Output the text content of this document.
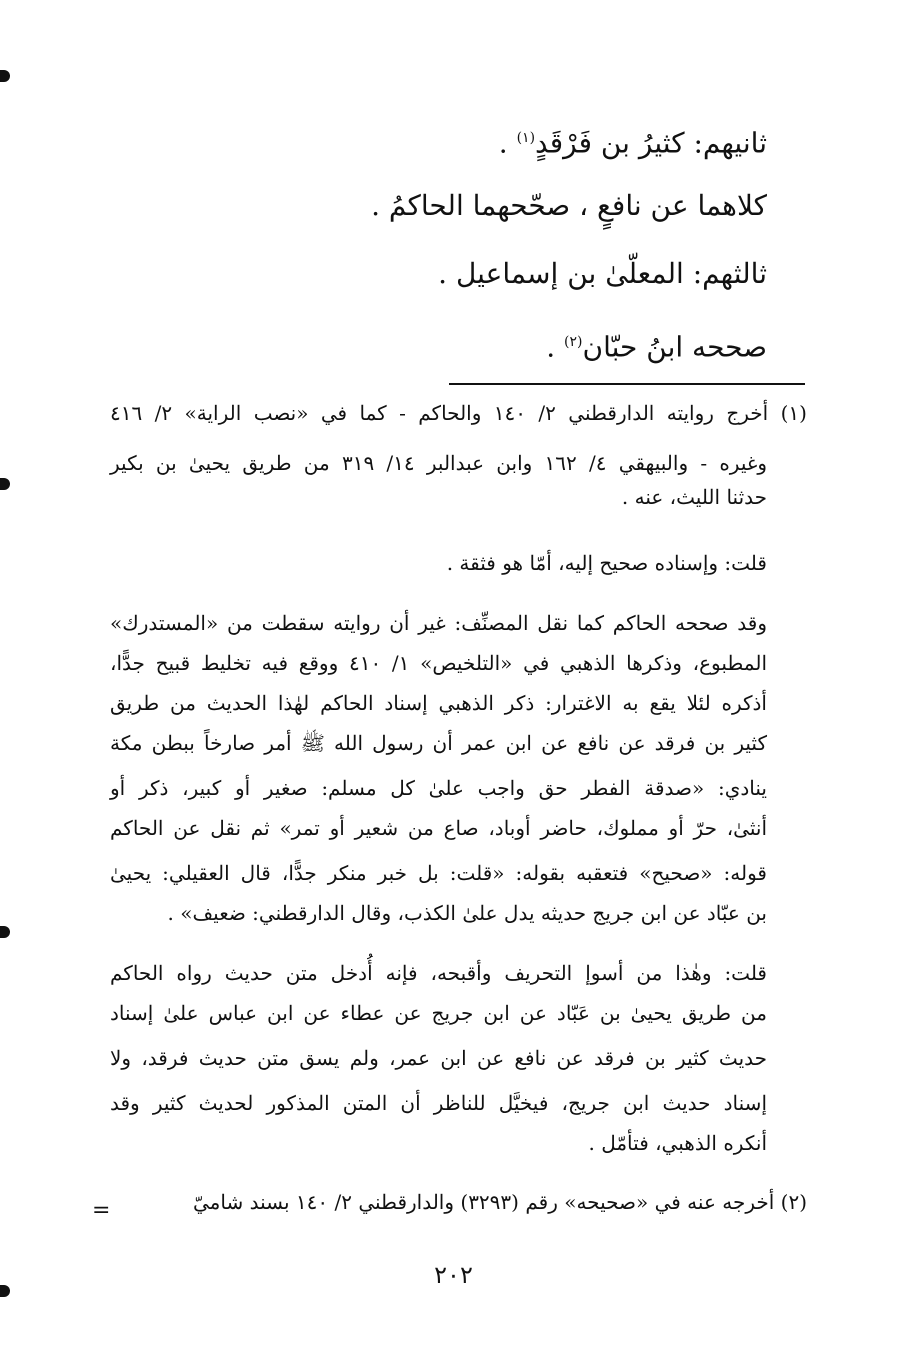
ثانيهم: كثيرُ بن فَرْقَدٍ$^{(١)}$ .
كلاهما عن نافعٍ ، صحّحهما الحاكمُ .
ثالثهم: المعلّىٰ بن إسماعيل .
صححه ابنُ حبّان$^{(٢)}$ .
(١) أخرج روايته الدارقطني ٢/ ١٤٠ والحاكم - كما في «نصب الراية» ٢/ ٤١٦
وغيره - والبيهقي ٤/ ١٦٢ وابن عبدالبر ١٤/ ٣١٩ من طريق يحيىٰ بن بكير
حدثنا الليث، عنه .
قلت: وإسناده صحيح إليه، أمّا هو فثقة .
وقد صححه الحاكم كما نقل المصنِّف: غير أن روايته سقطت من «المستدرك»
المطبوع، وذكرها الذهبي في «التلخيص» ١/ ٤١٠ ووقع فيه تخليط قبيح جدًّا،
أذكره لئلا يقع به الاغترار: ذكر الذهبي إسناد الحاكم لهٰذا الحديث من طريق
كثير بن فرقد عن نافع عن ابن عمر أن رسول الله ﷺ أمر صارخاً ببطن مكة
ينادي: «صدقة الفطر حق واجب علىٰ كل مسلم: صغير أو كبير، ذكر أو
أنثىٰ، حرّ أو مملوك، حاضر أوباد، صاع من شعير أو تمر» ثم نقل عن الحاكم
قوله: «صحيح» فتعقبه بقوله: «قلت: بل خبر منكر جدًّا، قال العقيلي: يحيىٰ
بن عبّاد عن ابن جريج حديثه يدل علىٰ الكذب، وقال الدارقطني: ضعيف» .
قلت: وهٰذا من أسوإ التحريف وأقبحه، فإنه أُدخل متن حديث رواه الحاكم
من طريق يحيىٰ بن عَبّاد عن ابن جريج عن عطاء عن ابن عباس علىٰ إسناد
حديث كثير بن فرقد عن نافع عن ابن عمر، ولم يسق متن حديث فرقد، ولا
إسناد حديث ابن جريج، فيخيَّل للناظر أن المتن المذكور لحديث كثير وقد
أنكره الذهبي، فتأمّل .
(٢) أخرجه عنه في «صحيحه» رقم (٣٢٩٣) والدارقطني ٢/ ١٤٠ بسند شاميّ
=
٢٠٢
